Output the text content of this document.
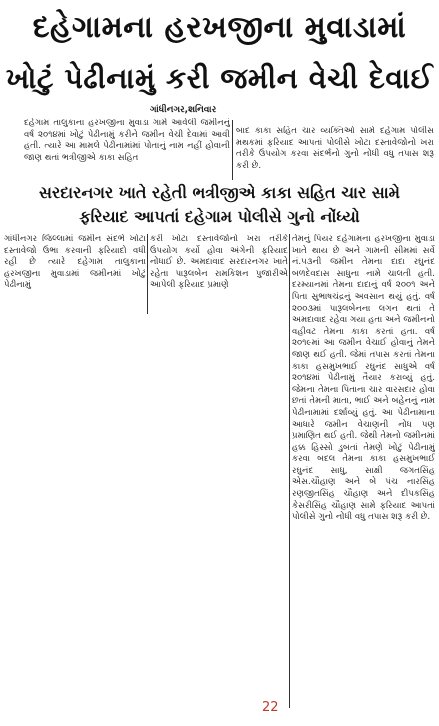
દહેગામના હરખજીના મુવાડામાં
ખોટું પેઢીનામું કરી જમીન વેચી દેવાઈ
ગાંધીનગર,શનિવાર

દહેગામ તાલુકાના હરખજીના મુવાડા ગામે આવેલી જમીનનું વર્ષ ૨૦૧૪માં ખોટું પેઢીનામું કરીને જમીન વેચી દેવામાં આવી હતી. ત્યારે આ મામલે પેઢીનામાંમાં પોતાનું નામ નહીં હોવાની જાણ થતાં ભત્રીજીએ કાકા સહિત

બાદ કાકા સહિત ચાર વ્યક્તિઓ સામે દહેગામ પોલીસ મથકમાં ફરિયાદ આપતાં પોલીસે ખોટા દસ્તાવેજોનો ખરા તરીકે ઉપયોગ કરવા સંદર્ભનો ગુનો નોંધી વધુ તપાસ શરૂ કરી છે.

સરદારનગર ખાતે રહેતી ભત્રીજીએ કાકા સહિત ચાર સામે
ફરિયાદ આપતાં દહેગામ પોલીસે ગુનો નોંધ્યો

ગાંધીનગર જિલ્લામાં જમીન સંદર્ભે ખોટા દસ્તાવેજો ઉભા કરવાની ફરિયાદો વધી રહી છે ત્યારે દહેગામ તાલુકાના હરખજીના મુવાડામાં જમીનમાં ખોટું પેઢીનામું

કરી ખોટા દસ્તાવેજોનો ખરા તરીકે ઉપયોગ કર્યો હોવા અંગેની ફરિયાદ નોંધાઈ છે. અમદાવાદ સરદારનગર ખાતે રહેતા પારૂલબેન રામકિશન પુજારીએ આપેલી ફરિયાદ પ્રમાણે

તેમનું પિયર દહેગામના હરખજીના મુવાડા ખાતે થાય છે અને ગામની સીમમાં સર્વે નં.૫૩ની જમીન તેમના દાદા રઘુનંદ બળદેવદાસ સાધુના નામે ચાલતી હતી. દરમ્યાનમાં તેમના દાદાનું વર્ષ ૨૦૦૧ અને પિતા સુભાષચંદ્રનું અવસાન થયું હતું. વર્ષ ૨૦૦૩માં પારૂલબેનના લગન થતાં તે અમદાવાદ રહેવા ગયા હતા અને જમીનનો વહીવટ તેમના કાકા કરતાં હતા. વર્ષ ૨૦૧૯માં આ જમીન વેચાઈ હોવાનું તેમને જાણ થઈ હતી. જેમાં તપાસ કરતાં તેમના કાકા હસમુખભાઈ રઘુનંદ સાધુએ વર્ષ ૨૦૧૪માં પેઢીનામું તૈયાર કરાવ્યું હતું. જેમના તેમના પિતાના ચાર વારસદાર હોવા છતાં તેમની માતા, ભાઈ અને બહેનનું નામ પેઢીનામામાં દર્શાવ્યું હતું. આ પેઢીનામાના આધારે જમીન વેચાણની નોંધ પણ પ્રમાણિત થઈ હતી. જેથી તેમનો જમીનમાં હક્ક હિસ્સો ડુબતાં તેમણે ખોટું પેઢીનામું કરવા બદલ તેમના કાકા હસમુખભાઈ રઘુનંદ સાધુ, સાક્ષી જગતસિંહ એસ.ચૌહાણ અને બે પંચ નારસિંહ રણજીતસિંહ ચૌહાણ અને દીપકસિંહ કેસરીસિંહ ચૌહાણ સામે ફરિયાદ આપતાં પોલીસે ગુનો નોંધી વધુ તપાસ શરૂ કરી છે.

22
